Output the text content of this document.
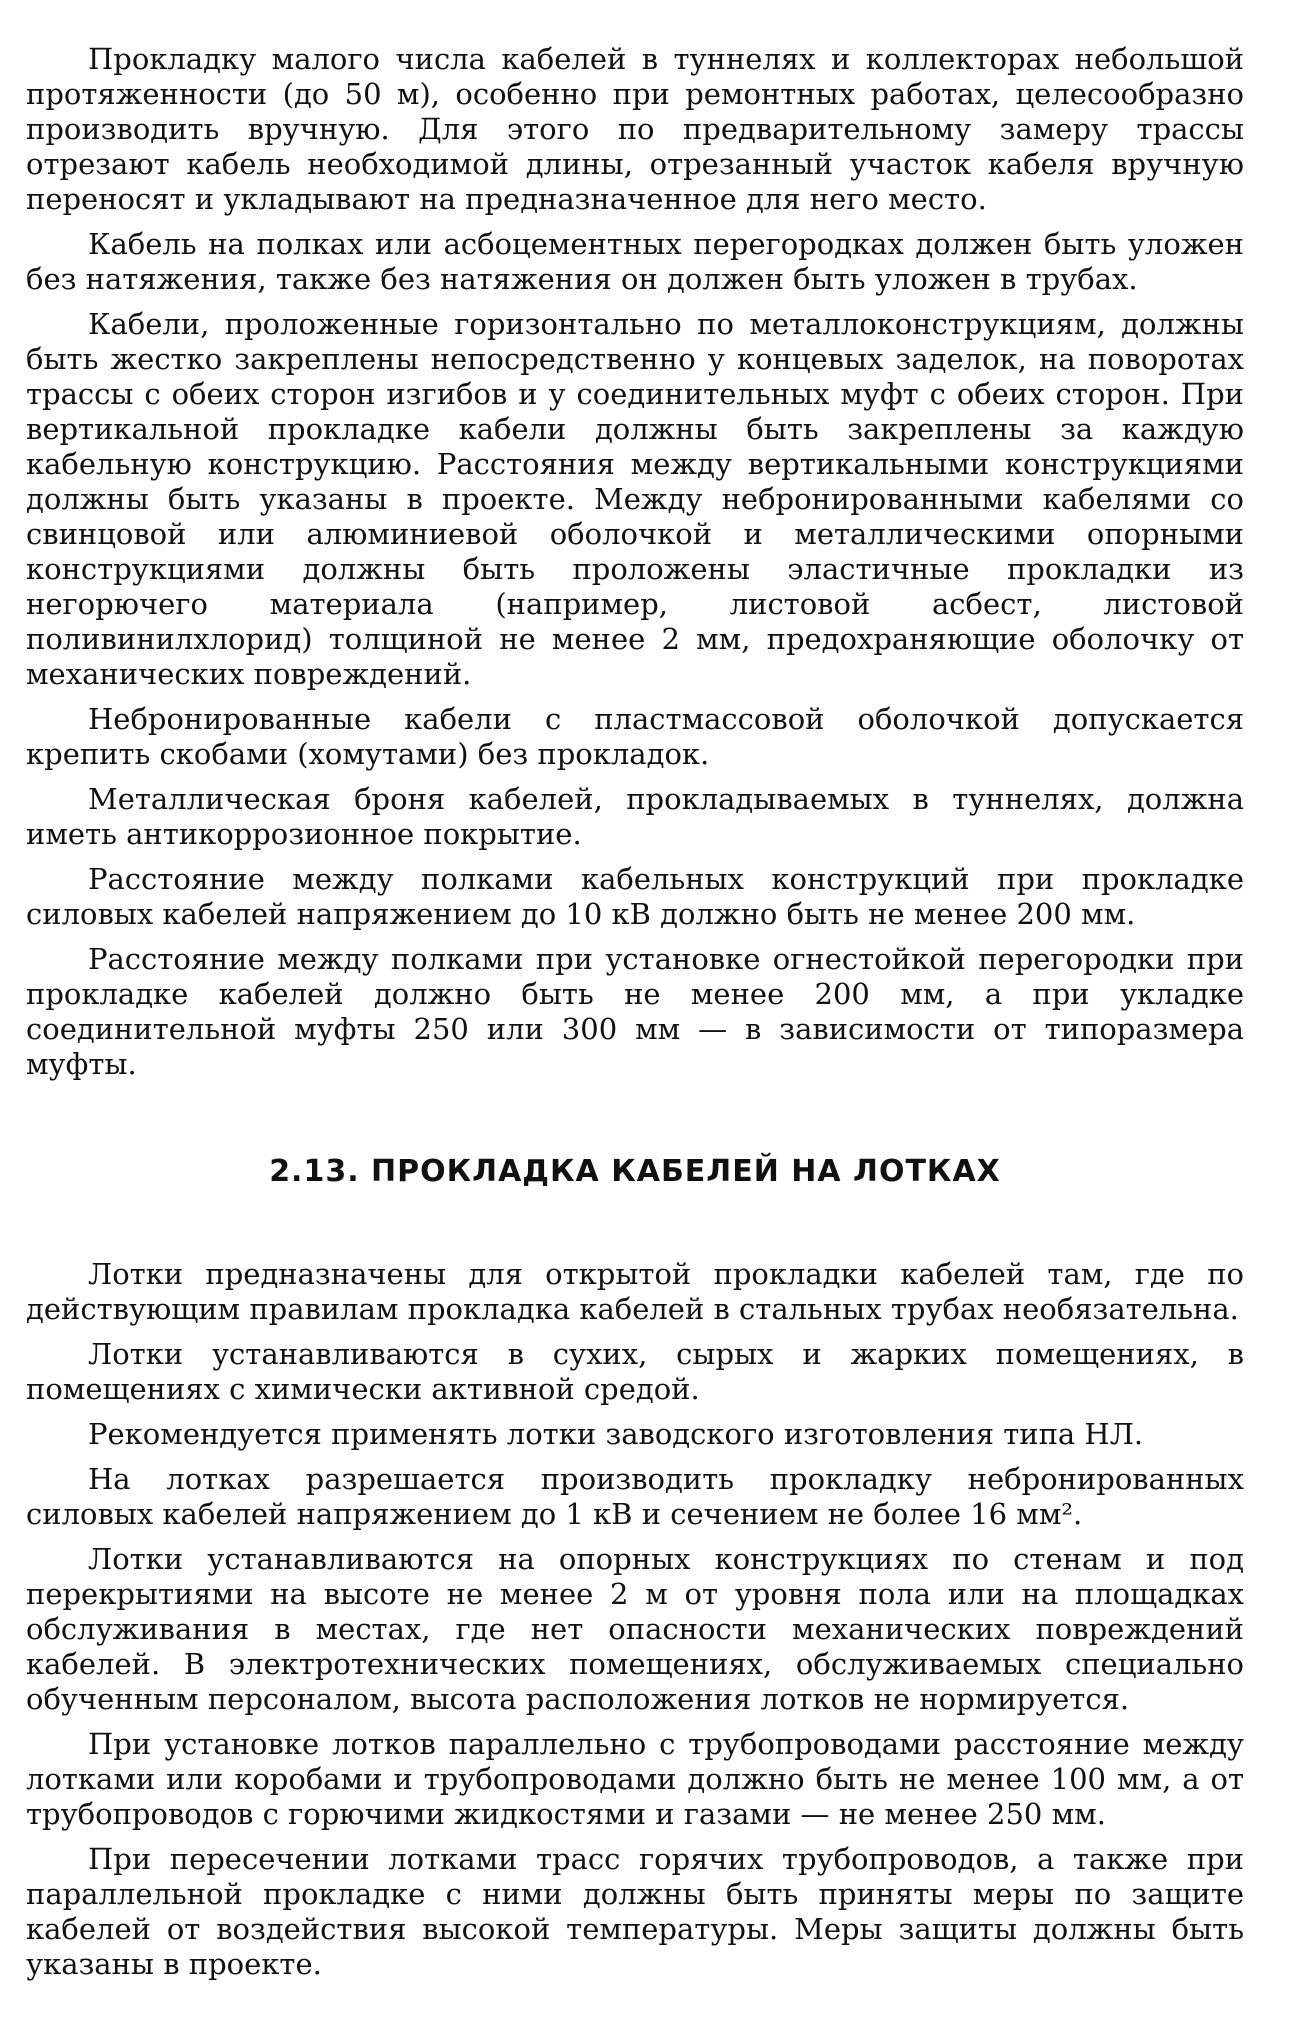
Прокладку малого числа кабелей в туннелях и коллекторах небольшой протяженности (до 50 м), особенно при ремонтных работах, целесообразно производить вручную. Для этого по предварительному замеру трассы отрезают кабель необходимой длины, отрезанный участок кабеля вручную переносят и укладывают на предназначенное для него место.

Кабель на полках или асбоцементных перегородках должен быть уложен без натяжения, также без натяжения он должен быть уложен в трубах.

Кабели, проложенные горизонтально по металлоконструкциям, должны быть жестко закреплены непосредственно у концевых заделок, на поворотах трассы с обеих сторон изгибов и у соединительных муфт с обеих сторон. При вертикальной прокладке кабели должны быть закреплены за каждую кабельную конструкцию. Расстояния между вертикальными конструкциями должны быть указаны в проекте. Между небронированными кабелями со свинцовой или алюминиевой оболочкой и металлическими опорными конструкциями должны быть проложены эластичные прокладки из негорючего материала (например, листовой асбест, листовой поливинилхлорид) толщиной не менее 2 мм, предохраняющие оболочку от механических повреждений.

Небронированные кабели с пластмассовой оболочкой допускается крепить скобами (хомутами) без прокладок.

Металлическая броня кабелей, прокладываемых в туннелях, должна иметь антикоррозионное покрытие.

Расстояние между полками кабельных конструкций при прокладке силовых кабелей напряжением до 10 кВ должно быть не менее 200 мм.

Расстояние между полками при установке огнестойкой перегородки при прокладке кабелей должно быть не менее 200 мм, а при укладке соединительной муфты 250 или 300 мм — в зависимости от типоразмера муфты.

2.13. ПРОКЛАДКА КАБЕЛЕЙ НА ЛОТКАХ

Лотки предназначены для открытой прокладки кабелей там, где по действующим правилам прокладка кабелей в стальных трубах необязательна.

Лотки устанавливаются в сухих, сырых и жарких помещениях, в помещениях с химически активной средой.

Рекомендуется применять лотки заводского изготовления типа НЛ.

На лотках разрешается производить прокладку небронированных силовых кабелей напряжением до 1 кВ и сечением не более 16 мм².

Лотки устанавливаются на опорных конструкциях по стенам и под перекрытиями на высоте не менее 2 м от уровня пола или на площадках обслуживания в местах, где нет опасности механических повреждений кабелей. В электротехнических помещениях, обслуживаемых специально обученным персоналом, высота расположения лотков не нормируется.

При установке лотков параллельно с трубопроводами расстояние между лотками или коробами и трубопроводами должно быть не менее 100 мм, а от трубопроводов с горючими жидкостями и газами — не менее 250 мм.

При пересечении лотками трасс горячих трубопроводов, а также при параллельной прокладке с ними должны быть приняты меры по защите кабелей от воздействия высокой температуры. Меры защиты должны быть указаны в проекте.
